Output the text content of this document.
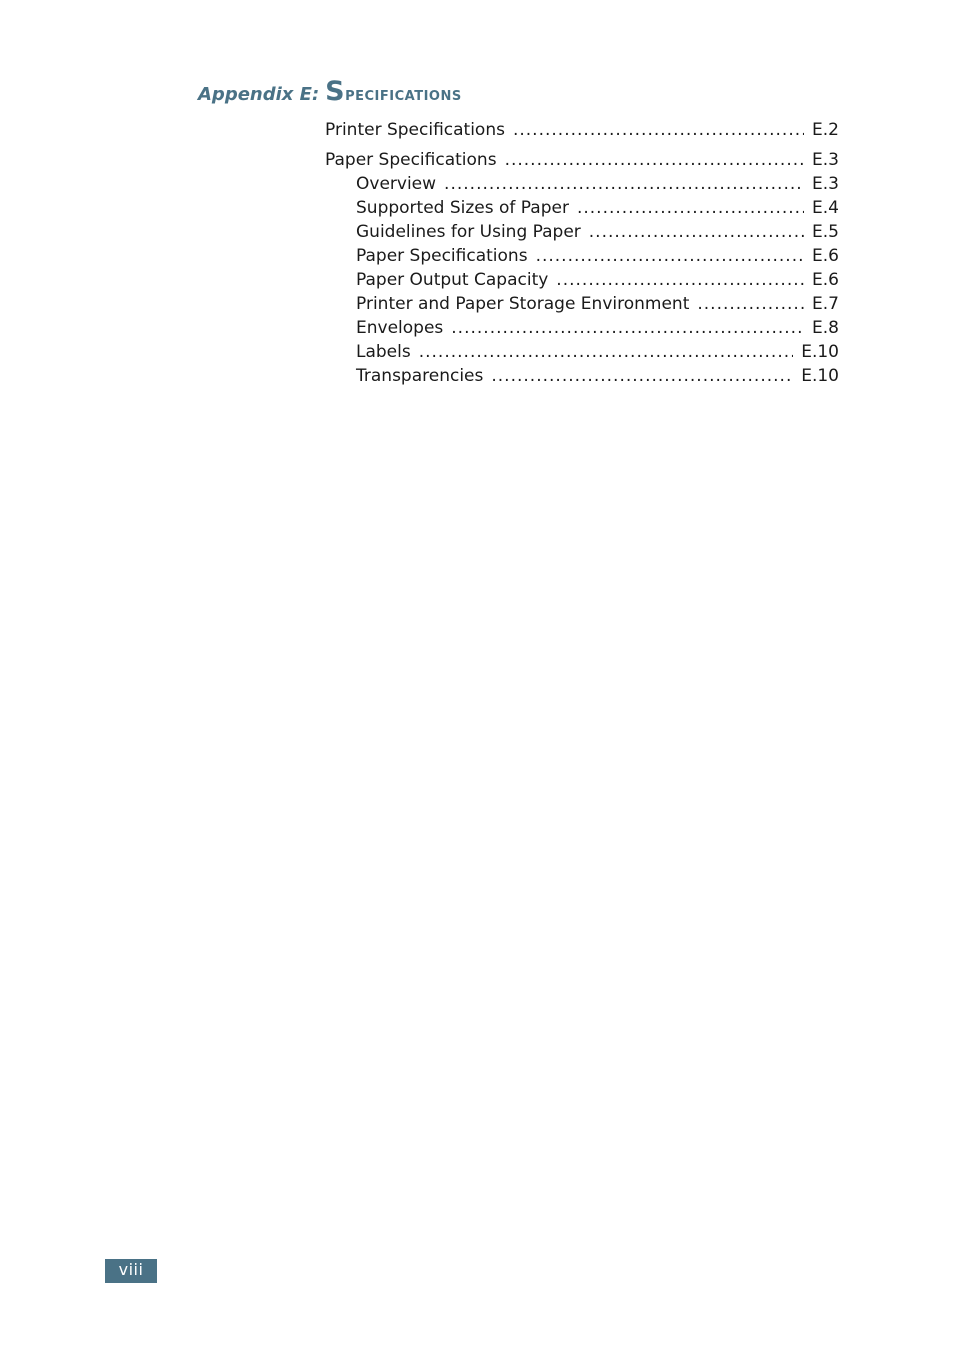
Appendix E: Specifications
Printer Specifications .....	E.2
Paper Specifications .....	E.3
Overview .....	E.3
Supported Sizes of Paper .....	E.4
Guidelines for Using Paper .....	E.5
Paper Specifications .....	E.6
Paper Output Capacity .....	E.6
Printer and Paper Storage Environment .....	E.7
Envelopes .....	E.8
Labels .....	E.10
Transparencies .....	E.10
viii
